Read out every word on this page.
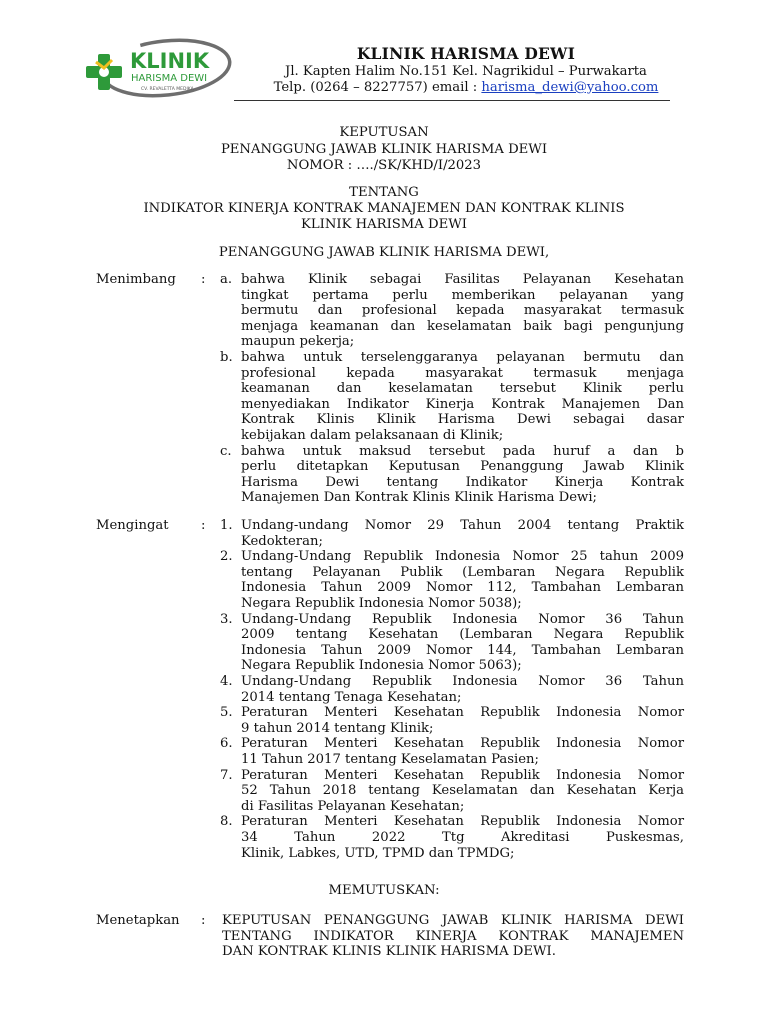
KLINIK
HARISMA DEWI
CV. REVALETTA MEDIKA
KLINIK HARISMA DEWI
Jl. Kapten Halim No.151 Kel. Nagrikidul – Purwakarta
Telp. (0264 – 8227757) email : harisma_dewi@yahoo.com
KEPUTUSAN
PENANGGUNG JAWAB KLINIK HARISMA DEWI
NOMOR : …./SK/KHD/I/2023
TENTANG
INDIKATOR KINERJA KONTRAK MANAJEMEN DAN KONTRAK KLINIS
KLINIK HARISMA DEWI
PENANGGUNG JAWAB KLINIK HARISMA DEWI,
Menimbang : a. bahwa Klinik sebagai Fasilitas Pelayanan Kesehatan
tingkat pertama perlu memberikan pelayanan yang
bermutu dan profesional kepada masyarakat termasuk
menjaga keamanan dan keselamatan baik bagi pengunjung
maupun pekerja;
b. bahwa untuk terselenggaranya pelayanan bermutu dan
profesional kepada masyarakat termasuk menjaga
keamanan dan keselamatan tersebut Klinik perlu
menyediakan Indikator Kinerja Kontrak Manajemen Dan
Kontrak Klinis Klinik Harisma Dewi sebagai dasar
kebijakan dalam pelaksanaan di Klinik;
c. bahwa untuk maksud tersebut pada huruf a dan b
perlu ditetapkan Keputusan Penanggung Jawab Klinik
Harisma Dewi tentang Indikator Kinerja Kontrak
Manajemen Dan Kontrak Klinis Klinik Harisma Dewi;
Mengingat : 1. Undang-undang Nomor 29 Tahun 2004 tentang Praktik
Kedokteran;
2. Undang-Undang Republik Indonesia Nomor 25 tahun 2009
tentang Pelayanan Publik (Lembaran Negara Republik
Indonesia Tahun 2009 Nomor 112, Tambahan Lembaran
Negara Republik Indonesia Nomor 5038);
3. Undang-Undang Republik Indonesia Nomor 36 Tahun
2009 tentang Kesehatan (Lembaran Negara Republik
Indonesia Tahun 2009 Nomor 144, Tambahan Lembaran
Negara Republik Indonesia Nomor 5063);
4. Undang-Undang Republik Indonesia Nomor 36 Tahun
2014 tentang Tenaga Kesehatan;
5. Peraturan Menteri Kesehatan Republik Indonesia Nomor
9 tahun 2014 tentang Klinik;
6. Peraturan Menteri Kesehatan Republik Indonesia Nomor
11 Tahun 2017 tentang Keselamatan Pasien;
7. Peraturan Menteri Kesehatan Republik Indonesia Nomor
52 Tahun 2018 tentang Keselamatan dan Kesehatan Kerja
di Fasilitas Pelayanan Kesehatan;
8. Peraturan Menteri Kesehatan Republik Indonesia Nomor
34 Tahun 2022 Ttg Akreditasi Puskesmas,
Klinik, Labkes, UTD, TPMD dan TPMDG;
MEMUTUSKAN:
Menetapkan : KEPUTUSAN PENANGGUNG JAWAB KLINIK HARISMA DEWI
TENTANG INDIKATOR KINERJA KONTRAK MANAJEMEN
DAN KONTRAK KLINIS KLINIK HARISMA DEWI.
